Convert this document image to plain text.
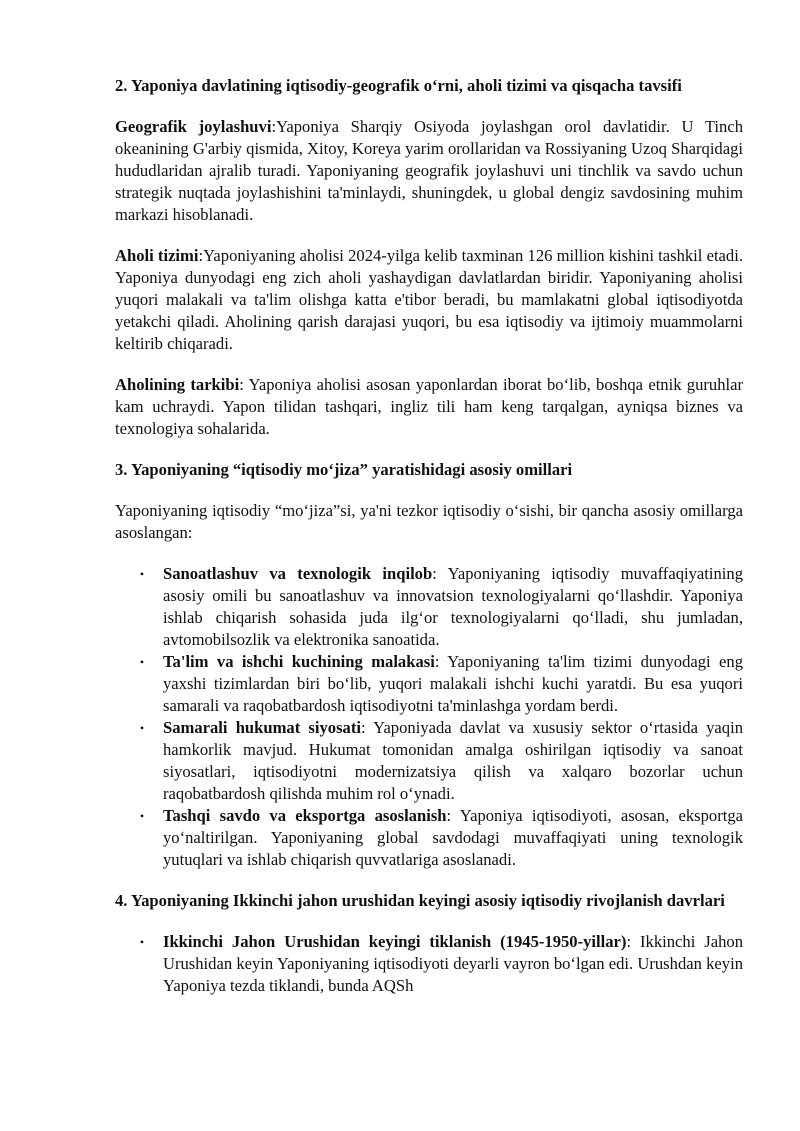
2. Yaponiya davlatining iqtisodiy-geografik o‘rni, aholi tizimi va qisqacha tavsifi

Geografik joylashuvi:Yaponiya Sharqiy Osiyoda joylashgan orol davlatidir. U Tinch okeanining G'arbiy qismida, Xitoy, Koreya yarim orollaridan va Rossiyaning Uzoq Sharqidagi hududlaridan ajralib turadi. Yaponiyaning geografik joylashuvi uni tinchlik va savdo uchun strategik nuqtada joylashishini ta'minlaydi, shuningdek, u global dengiz savdosining muhim markazi hisoblanadi.

Aholi tizimi:Yaponiyaning aholisi 2024-yilga kelib taxminan 126 million kishini tashkil etadi. Yaponiya dunyodagi eng zich aholi yashaydigan davlatlardan biridir. Yaponiyaning aholisi yuqori malakali va ta'lim olishga katta e'tibor beradi, bu mamlakatni global iqtisodiyotda yetakchi qiladi. Aholining qarish darajasi yuqori, bu esa iqtisodiy va ijtimoiy muammolarni keltirib chiqaradi.

Aholining tarkibi: Yaponiya aholisi asosan yaponlardan iborat bo‘lib, boshqa etnik guruhlar kam uchraydi. Yapon tilidan tashqari, ingliz tili ham keng tarqalgan, ayniqsa biznes va texnologiya sohalarida.

3. Yaponiyaning “iqtisodiy mo‘jiza” yaratishidagi asosiy omillari

Yaponiyaning iqtisodiy “mo‘jiza”si, ya'ni tezkor iqtisodiy o‘sishi, bir qancha asosiy omillarga asoslangan:

• Sanoatlashuv va texnologik inqilob: Yaponiyaning iqtisodiy muvaffaqiyatining asosiy omili bu sanoatlashuv va innovatsion texnologiyalarni qo‘llashdir. Yaponiya ishlab chiqarish sohasida juda ilg‘or texnologiyalarni qo‘lladi, shu jumladan, avtomobilsozlik va elektronika sanoatida.
• Ta'lim va ishchi kuchining malakasi: Yaponiyaning ta'lim tizimi dunyodagi eng yaxshi tizimlardan biri bo‘lib, yuqori malakali ishchi kuchi yaratdi. Bu esa yuqori samarali va raqobatbardosh iqtisodiyotni ta'minlashga yordam berdi.
• Samarali hukumat siyosati: Yaponiyada davlat va xususiy sektor o‘rtasida yaqin hamkorlik mavjud. Hukumat tomonidan amalga oshirilgan iqtisodiy va sanoat siyosatlari, iqtisodiyotni modernizatsiya qilish va xalqaro bozorlar uchun raqobatbardosh qilishda muhim rol o‘ynadi.
• Tashqi savdo va eksportga asoslanish: Yaponiya iqtisodiyoti, asosan, eksportga yo‘naltirilgan. Yaponiyaning global savdodagi muvaffaqiyati uning texnologik yutuqlari va ishlab chiqarish quvvatlariga asoslanadi.

4. Yaponiyaning Ikkinchi jahon urushidan keyingi asosiy iqtisodiy rivojlanish davrlari

• Ikkinchi Jahon Urushidan keyingi tiklanish (1945-1950-yillar): Ikkinchi Jahon Urushidan keyin Yaponiyaning iqtisodiyoti deyarli vayron bo‘lgan edi. Urushdan keyin Yaponiya tezda tiklandi, bunda AQSh
